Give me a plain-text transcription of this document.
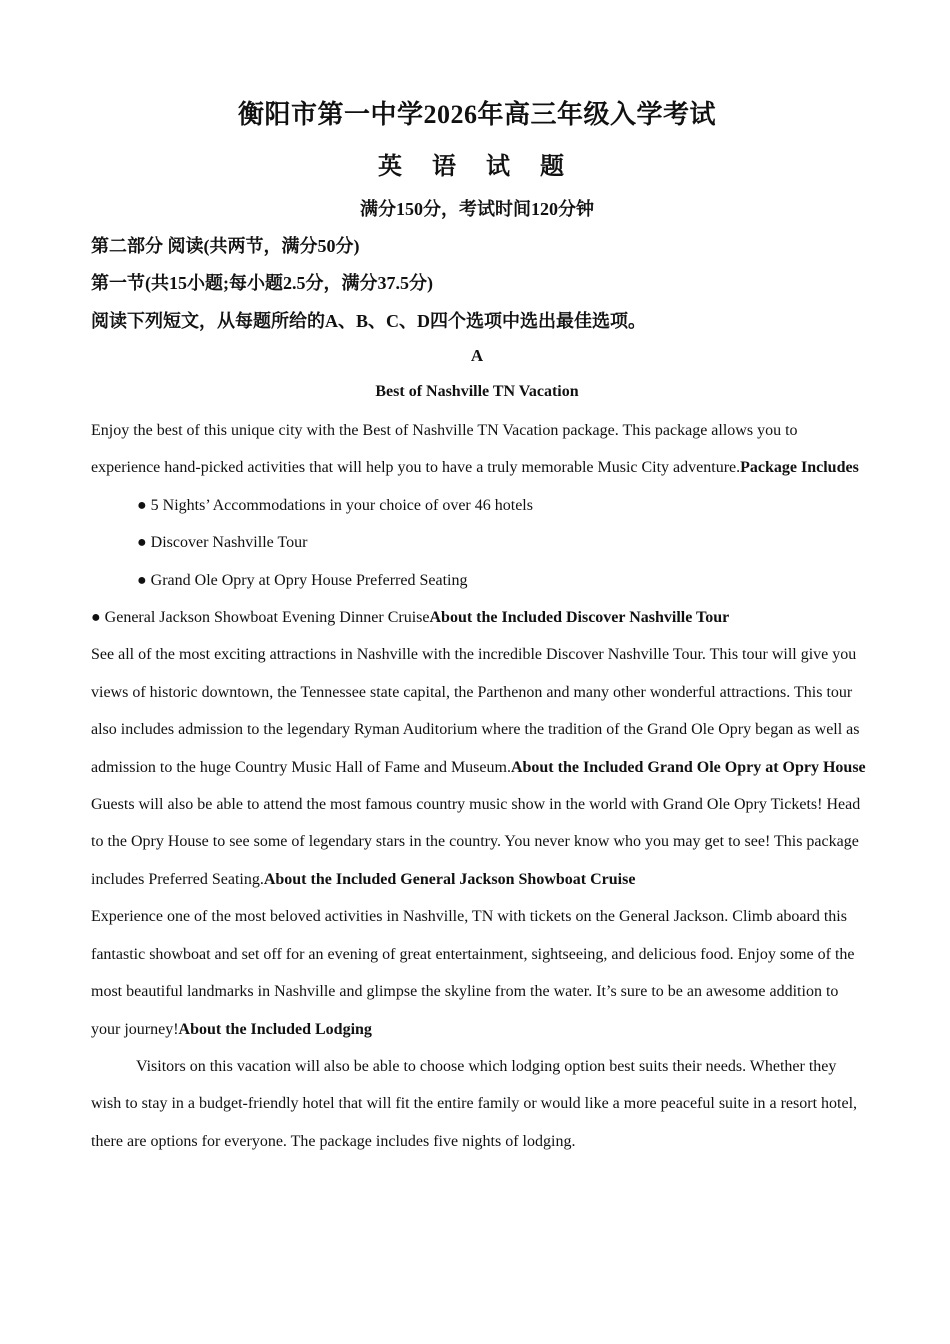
衡阳市第一中学2026年高三年级入学考试
英 语 试 题
满分150分，考试时间120分钟
第二部分 阅读(共两节，满分50分)
第一节(共15小题;每小题2.5分，满分37.5分)
阅读下列短文，从每题所给的A、B、C、D四个选项中选出最佳选项。
A
Best of Nashville TN Vacation

Enjoy the best of this unique city with the Best of Nashville TN Vacation package. This package allows you to experience hand-picked activities that will help you to have a truly memorable Music City adventure.Package Includes

● 5 Nights’ Accommodations in your choice of over 46 hotels

● Discover Nashville Tour

● Grand Ole Opry at Opry House Preferred Seating

● General Jackson Showboat Evening Dinner CruiseAbout the Included Discover Nashville Tour

See all of the most exciting attractions in Nashville with the incredible Discover Nashville Tour. This tour will give you views of historic downtown, the Tennessee state capital, the Parthenon and many other wonderful attractions. This tour also includes admission to the legendary Ryman Auditorium where the tradition of the Grand Ole Opry began as well as admission to the huge Country Music Hall of Fame and Museum.About the Included Grand Ole Opry at Opry House

Guests will also be able to attend the most famous country music show in the world with Grand Ole Opry Tickets! Head to the Opry House to see some of legendary stars in the country. You never know who you may get to see! This package includes Preferred Seating.About the Included General Jackson Showboat Cruise

Experience one of the most beloved activities in Nashville, TN with tickets on the General Jackson. Climb aboard this fantastic showboat and set off for an evening of great entertainment, sightseeing, and delicious food. Enjoy some of the most beautiful landmarks in Nashville and glimpse the skyline from the water. It’s sure to be an awesome addition to your journey!About the Included Lodging

Visitors on this vacation will also be able to choose which lodging option best suits their needs. Whether they wish to stay in a budget-friendly hotel that will fit the entire family or would like a more peaceful suite in a resort hotel, there are options for everyone. The package includes five nights of lodging.
